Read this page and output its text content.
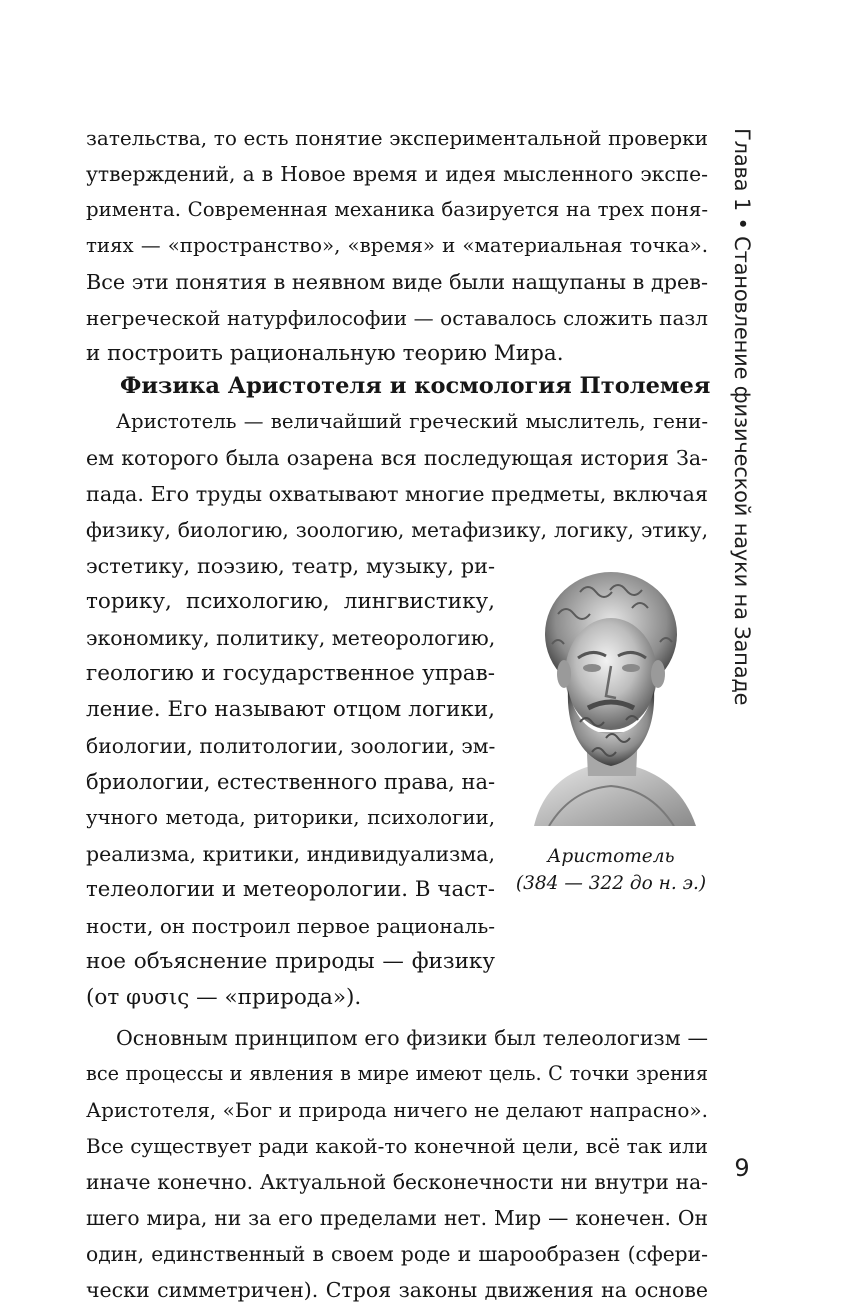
Глава 1 • Становление физической науки на Западе
зательства, то есть понятие экспериментальной проверки
утверждений, а в Новое время и идея мысленного экспе-
римента. Современная механика базируется на трех поня-
тиях — «пространство», «время» и «материальная точка».
Все эти понятия в неявном виде были нащупаны в древ-
негреческой натурфилософии — оставалось сложить пазл
и построить рациональную теорию Мира.
Физика Аристотеля и космология Птолемея
Аристотель — величайший греческий мыслитель, гени-
ем которого была озарена вся последующая история За-
пада. Его труды охватывают многие предметы, включая
физику, биологию, зоологию, метафизику, логику, этику,
эстетику, поэзию, театр, музыку, ри-
торику, психологию, лингвистику,
экономику, политику, метеорологию,
геологию и государственное управ-
ление. Его называют отцом логики,
биологии, политологии, зоологии, эм-
бриологии, естественного права, на-
учного метода, риторики, психологии,
реализма, критики, индивидуализма,
телеологии и метеорологии. В част-
ности, он построил первое рациональ-
ное объяснение природы — физику
(от φυσις — «природа»).
Аристотель
(384 — 322 до н. э.)
Основным принципом его физики был телеологизм —
все процессы и явления в мире имеют цель. С точки зрения
Аристотеля, «Бог и природа ничего не делают напрасно».
Все существует ради какой-то конечной цели, всё так или
иначе конечно. Актуальной бесконечности ни внутри на-
шего мира, ни за его пределами нет. Мир — конечен. Он
один, единственный в своем роде и шарообразен (сфери-
чески симметричен). Строя законы движения на основе
9
